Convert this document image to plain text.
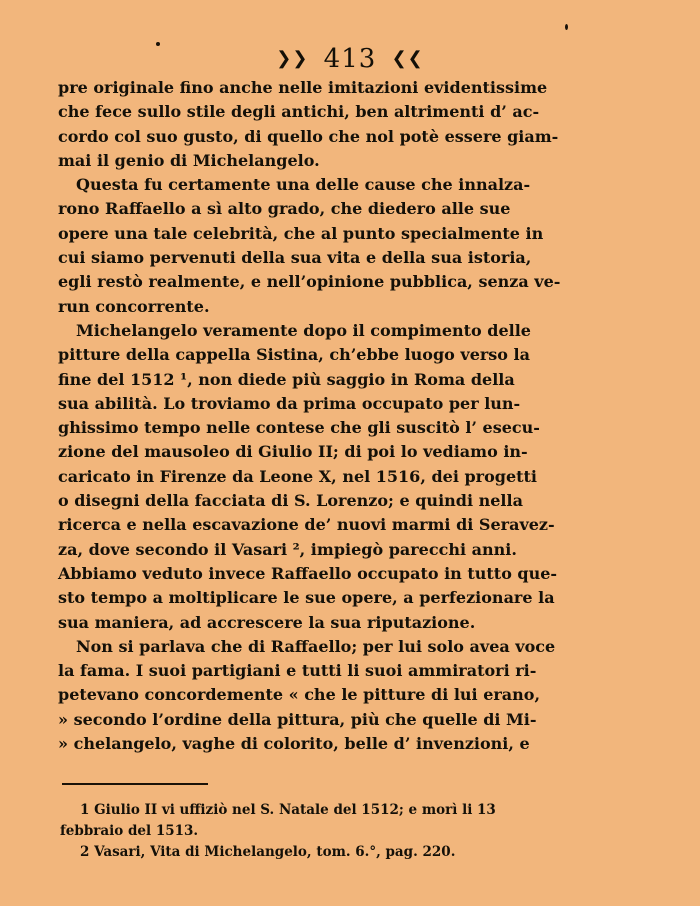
❯❯ 413 ❮❮
pre originale fino anche nelle imitazioni evidentissime
che fece sullo stile degli antichi, ben altrimenti d’ ac-
cordo col suo gusto, di quello che nol potè essere giam-
mai il genio di Michelangelo.
Questa fu certamente una delle cause che innalza-
rono Raffaello a sì alto grado, che diedero alle sue
opere una tale celebrità, che al punto specialmente in
cui siamo pervenuti della sua vita e della sua istoria,
egli restò realmente, e nell’opinione pubblica, senza ve-
run concorrente.
Michelangelo veramente dopo il compimento delle
pitture della cappella Sistina, ch’ebbe luogo verso la
fine del 1512 ¹, non diede più saggio in Roma della
sua abilità. Lo troviamo da prima occupato per lun-
ghissimo tempo nelle contese che gli suscitò l’ esecu-
zione del mausoleo di Giulio II; di poi lo vediamo in-
caricato in Firenze da Leone X, nel 1516, dei progetti
o disegni della facciata di S. Lorenzo; e quindi nella
ricerca e nella escavazione de’ nuovi marmi di Seravez-
za, dove secondo il Vasari ², impiegò parecchi anni.
Abbiamo veduto invece Raffaello occupato in tutto que-
sto tempo a moltiplicare le sue opere, a perfezionare la
sua maniera, ad accrescere la sua riputazione.
Non si parlava che di Raffaello; per lui solo avea voce
la fama. I suoi partigiani e tutti li suoi ammiratori ri-
petevano concordemente « che le pitture di lui erano,
» secondo l’ordine della pittura, più che quelle di Mi-
» chelangelo, vaghe di colorito, belle d’ invenzioni, e
1 Giulio II vi uffiziò nel S. Natale del 1512; e morì li 13
febbraio del 1513.
2 Vasari, Vita di Michelangelo, tom. 6.°, pag. 220.
